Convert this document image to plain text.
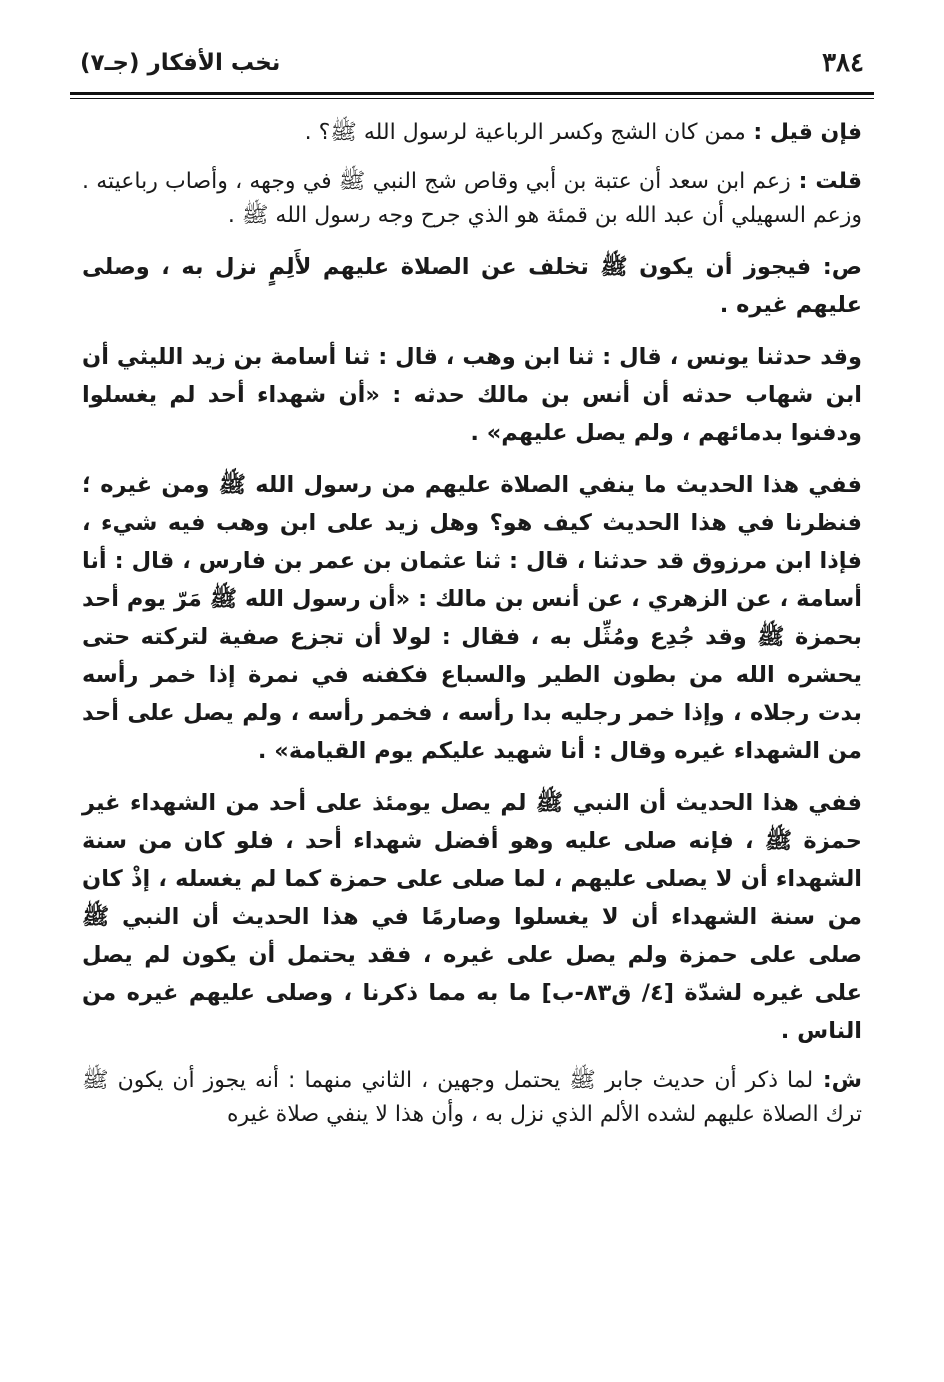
٣٨٤
نخب الأفكار (جـ٧)

فإن قيل : ممن كان الشج وكسر الرباعية لرسول الله ﷺ؟ .

قلت : زعم ابن سعد أن عتبة بن أبي وقاص شج النبي ﷺ في وجهه ، وأصاب رباعيته . وزعم السهيلي أن عبد الله بن قمئة هو الذي جرح وجه رسول الله ﷺ .

ص: فيجوز أن يكون ﷺ تخلف عن الصلاة عليهم لأَلِمٍ نزل به ، وصلى عليهم غيره .

وقد حدثنا يونس ، قال : ثنا ابن وهب ، قال : ثنا أسامة بن زيد الليثي أن ابن شهاب حدثه أن أنس بن مالك حدثه : «أن شهداء أحد لم يغسلوا ودفنوا بدمائهم ، ولم يصل عليهم» .

ففي هذا الحديث ما ينفي الصلاة عليهم من رسول الله ﷺ ومن غيره ؛ فنظرنا في هذا الحديث كيف هو؟ وهل زيد على ابن وهب فيه شيء ، فإذا ابن مرزوق قد حدثنا ، قال : ثنا عثمان بن عمر بن فارس ، قال : أنا أسامة ، عن الزهري ، عن أنس بن مالك : «أن رسول الله ﷺ مَرّ يوم أحد بحمزة ﷺ وقد جُدِع ومُثِّل به ، فقال : لولا أن تجزع صفية لتركته حتى يحشره الله من بطون الطير والسباع فكفنه في نمرة إذا خمر رأسه بدت رجلاه ، وإذا خمر رجليه بدا رأسه ، فخمر رأسه ، ولم يصل على أحد من الشهداء غيره وقال : أنا شهيد عليكم يوم القيامة» .

ففي هذا الحديث أن النبي ﷺ لم يصل يومئذ على أحد من الشهداء غير حمزة ﷺ ، فإنه صلى عليه وهو أفضل شهداء أحد ، فلو كان من سنة الشهداء أن لا يصلى عليهم ، لما صلى على حمزة كما لم يغسله ، إذْ كان من سنة الشهداء أن لا يغسلوا وصارمًا في هذا الحديث أن النبي ﷺ صلى على حمزة ولم يصل على غيره ، فقد يحتمل أن يكون لم يصل على غيره لشدّة [٤/ ق٨٣-ب] ما به مما ذكرنا ، وصلى عليهم غيره من الناس .

ش: لما ذكر أن حديث جابر ﷺ يحتمل وجهين ، الثاني منهما : أنه يجوز أن يكون ﷺ ترك الصلاة عليهم لشده الألم الذي نزل به ، وأن هذا لا ينفي صلاة غيره
